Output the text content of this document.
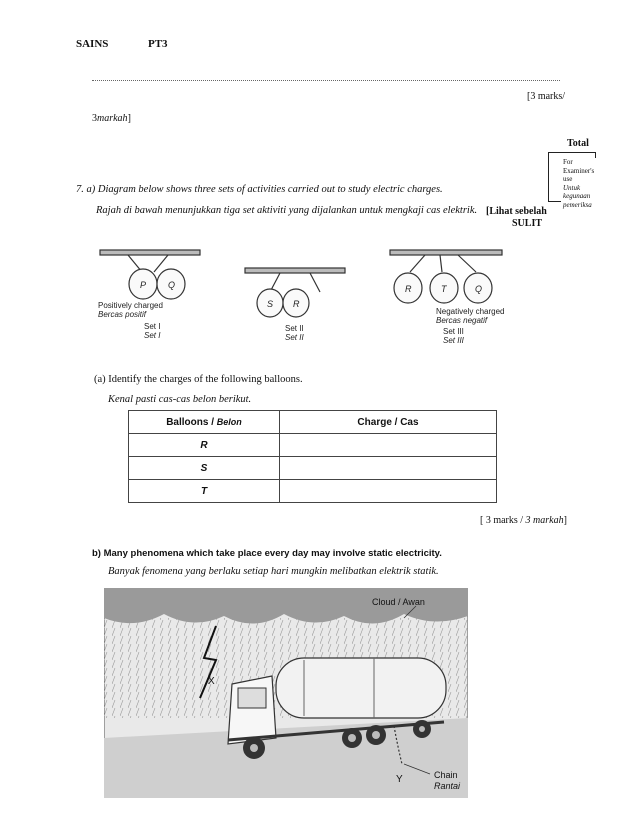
SAINS	PT3
[3 marks/
3markah]
Total
For Examiner's
use
Untuk kegunaan
pemeriksa
7. a) Diagram below shows three sets of activities carried out to study electric charges.
Rajah di bawah menunjukkan tiga set aktiviti yang dijalankan untuk mengkaji cas elektrik. [Lihat sebelah
SULIT
P Q
S R
R	T	Q
Positively charged
Bercas positif
Set I
Set I
Set II
Set II
Negatively charged
Bercas negatif
Set III
Set III
(a) Identify the charges of the following balloons.
Kenal pasti cas-cas belon berikut.
Balloons / Belon	Charge / Cas
R	
S	
T	
[ 3 marks / 3 markah]
b) Many phenomena which take place every day may involve static electricity.
Banyak fenomena yang berlaku setiap hari mungkin melibatkan elektrik statik.
Cloud / Awan
X
Y	Chain
Rantai
